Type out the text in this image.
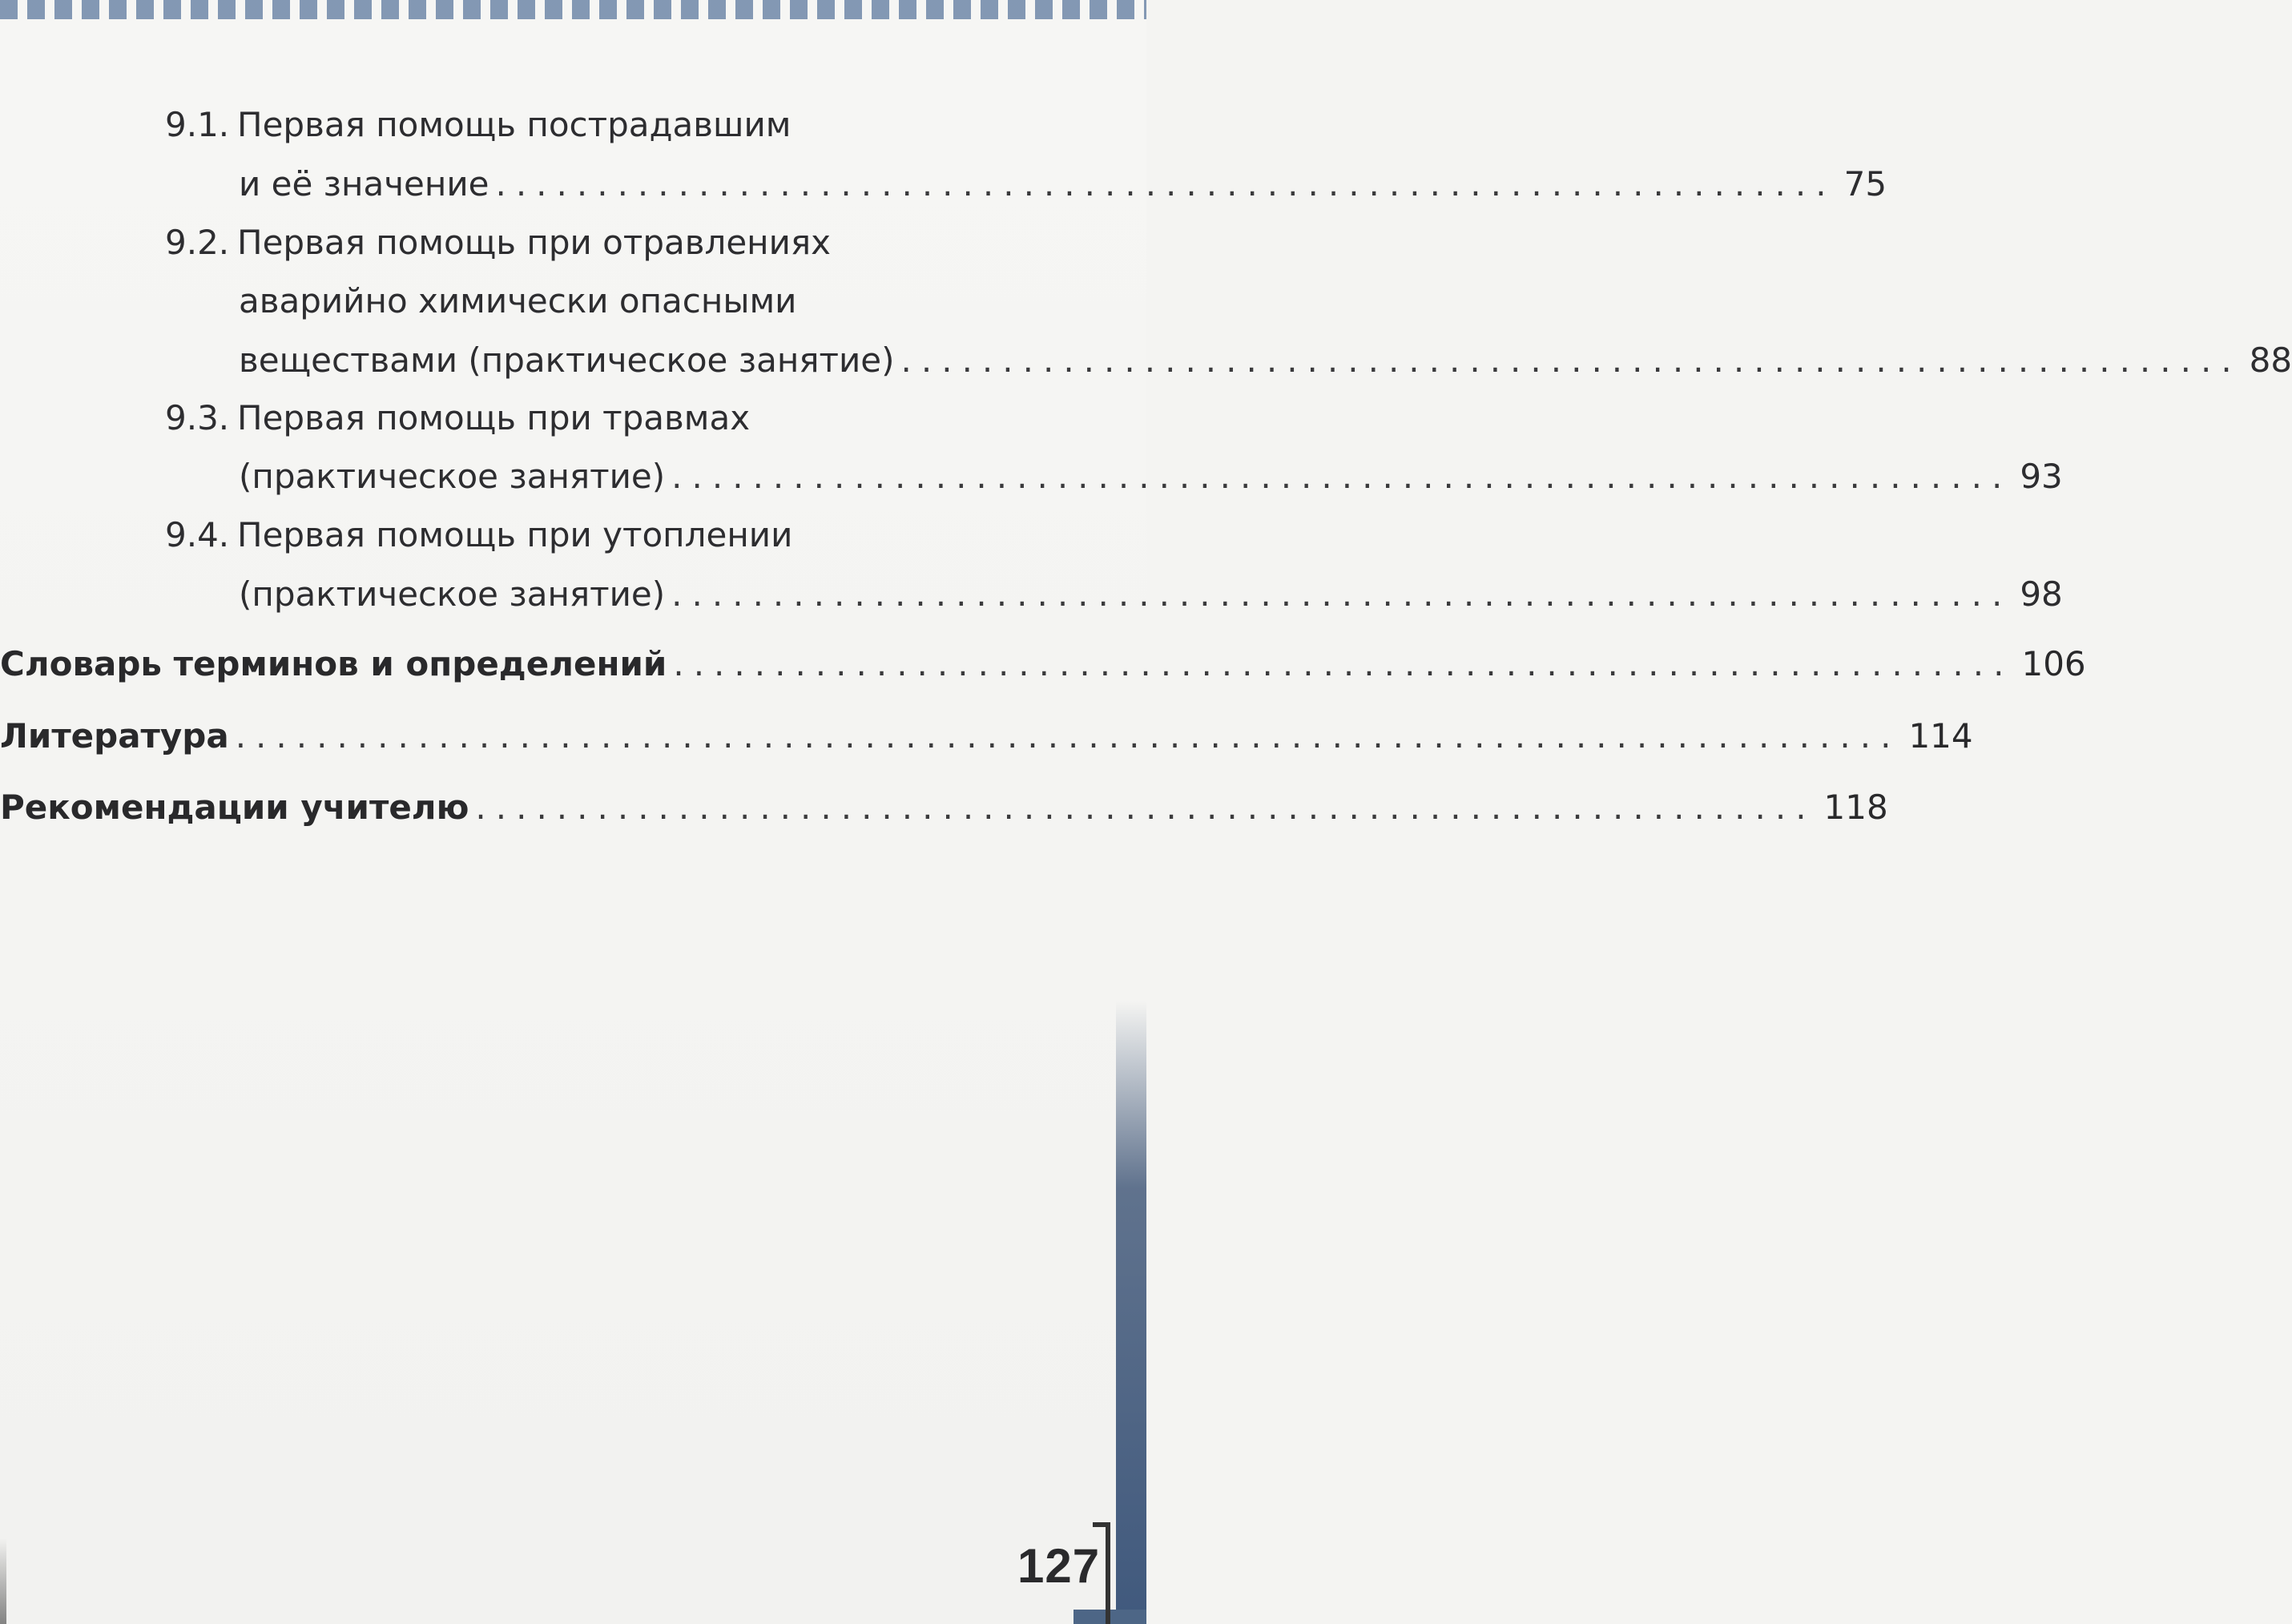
9.1. Первая помощь пострадавшим
и её значение .................................................................. 75
9.2. Первая помощь при отравлениях
аварийно химически опасными
веществами (практическое занятие) .................................................................. 88
9.3. Первая помощь при травмах
(практическое занятие) .................................................................. 93
9.4. Первая помощь при утоплении
(практическое занятие) .................................................................. 98
Словарь терминов и определений .................................................................. 106
Литература .................................................................................. 114
Рекомендации учителю .................................................................. 118
127
